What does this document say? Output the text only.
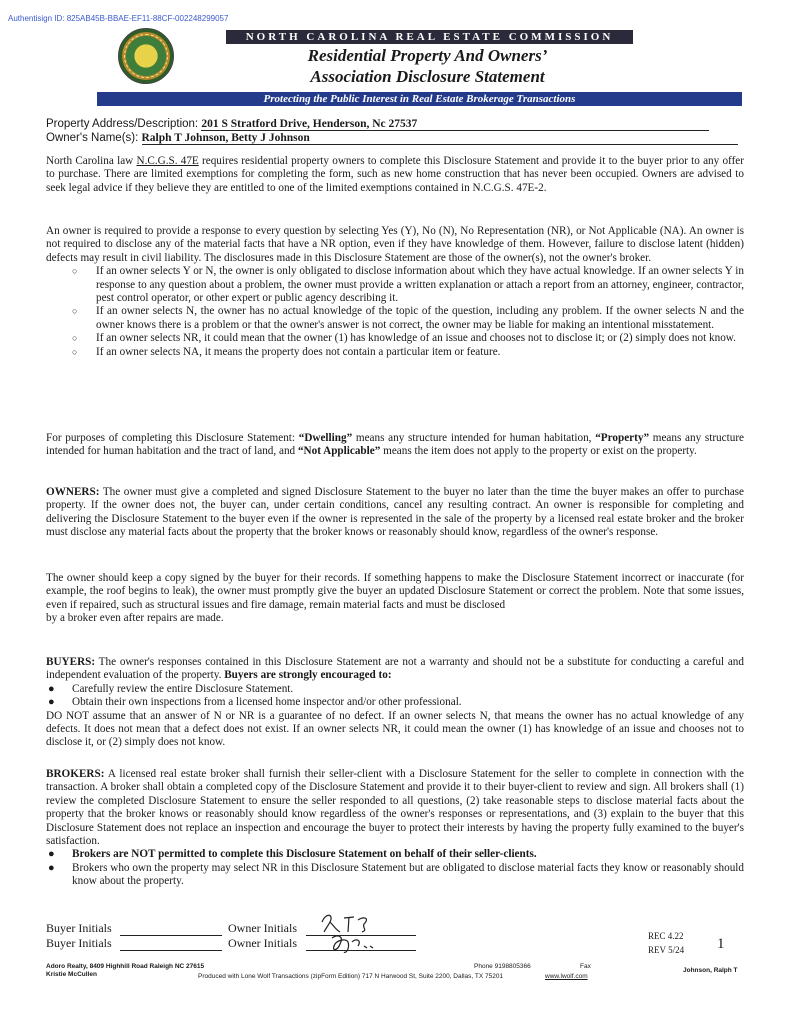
Authentisign ID: 825AB45B-BBAE-EF11-88CF-002248299057
NORTH CAROLINA REAL ESTATE COMMISSION
Residential Property And Owners’
Association Disclosure Statement
Protecting the Public Interest in Real Estate Brokerage Transactions
Property Address/Description: 201 S Stratford Drive, Henderson, Nc 27537
Owner's Name(s): Ralph T Johnson, Betty J Johnson

North Carolina law N.C.G.S. 47E requires residential property owners to complete this Disclosure Statement and provide it to the buyer prior to any offer to purchase. There are limited exemptions for completing the form, such as new home construction that has never been occupied. Owners are advised to seek legal advice if they believe they are entitled to one of the limited exemptions contained in N.C.G.S. 47E-2.

An owner is required to provide a response to every question by selecting Yes (Y), No (N), No Representation (NR), or Not Applicable (NA). An owner is not required to disclose any of the material facts that have a NR option, even if they have knowledge of them. However, failure to disclose latent (hidden) defects may result in civil liability. The disclosures made in this Disclosure Statement are those of the owner(s), not the owner's broker.

○ If an owner selects Y or N, the owner is only obligated to disclose information about which they have actual knowledge. If an owner selects Y in response to any question about a problem, the owner must provide a written explanation or attach a report from an attorney, engineer, contractor, pest control operator, or other expert or public agency describing it.
○ If an owner selects N, the owner has no actual knowledge of the topic of the question, including any problem. If the owner selects N and the owner knows there is a problem or that the owner's answer is not correct, the owner may be liable for making an intentional misstatement.
○ If an owner selects NR, it could mean that the owner (1) has knowledge of an issue and chooses not to disclose it; or (2) simply does not know.
○ If an owner selects NA, it means the property does not contain a particular item or feature.

For purposes of completing this Disclosure Statement: “Dwelling” means any structure intended for human habitation, “Property” means any structure intended for human habitation and the tract of land, and “Not Applicable” means the item does not apply to the property or exist on the property.

OWNERS: The owner must give a completed and signed Disclosure Statement to the buyer no later than the time the buyer makes an offer to purchase property. If the owner does not, the buyer can, under certain conditions, cancel any resulting contract. An owner is responsible for completing and delivering the Disclosure Statement to the buyer even if the owner is represented in the sale of the property by a licensed real estate broker and the broker must disclose any material facts about the property that the broker knows or reasonably should know, regardless of the owner's response.

The owner should keep a copy signed by the buyer for their records. If something happens to make the Disclosure Statement incorrect or inaccurate (for example, the roof begins to leak), the owner must promptly give the buyer an updated Disclosure Statement or correct the problem. Note that some issues, even if repaired, such as structural issues and fire damage, remain material facts and must be disclosed

by a broker even after repairs are made.

BUYERS: The owner's responses contained in this Disclosure Statement are not a warranty and should not be a substitute for conducting a careful and independent evaluation of the property. Buyers are strongly encouraged to:

● Carefully review the entire Disclosure Statement.
● Obtain their own inspections from a licensed home inspector and/or other professional.

DO NOT assume that an answer of N or NR is a guarantee of no defect. If an owner selects N, that means the owner has no actual knowledge of any defects. It does not mean that a defect does not exist. If an owner selects NR, it could mean the owner (1) has knowledge of an issue and chooses not to disclose it, or (2) simply does not know.

BROKERS: A licensed real estate broker shall furnish their seller-client with a Disclosure Statement for the seller to complete in connection with the transaction. A broker shall obtain a completed copy of the Disclosure Statement and provide it to their buyer-client to review and sign. All brokers shall (1) review the completed Disclosure Statement to ensure the seller responded to all questions, (2) take reasonable steps to disclose material facts about the property that the broker knows or reasonably should know regardless of the owner's responses or representations, and (3) explain to the buyer that this Disclosure Statement does not replace an inspection and encourage the buyer to protect their interests by having the property fully examined to the buyer's satisfaction.

● Brokers are NOT permitted to complete this Disclosure Statement on behalf of their seller-clients.
● Brokers who own the property may select NR in this Disclosure Statement but are obligated to disclose material facts they know or reasonably should know about the property.
Buyer Initials	Owner Initials
Buyer Initials	Owner Initials	REC 4.22
REV 5/24 1
Adoro Realty, 8409 Highhill Road Raleigh NC 27615
Kristie McCullen
Phone 9198805366	Fax
Produced with Lone Wolf Transactions (zipForm Edition) 717 N Harwood St, Suite 2200, Dallas, TX 75201	www.lwolf.com
Johnson, Ralph T
